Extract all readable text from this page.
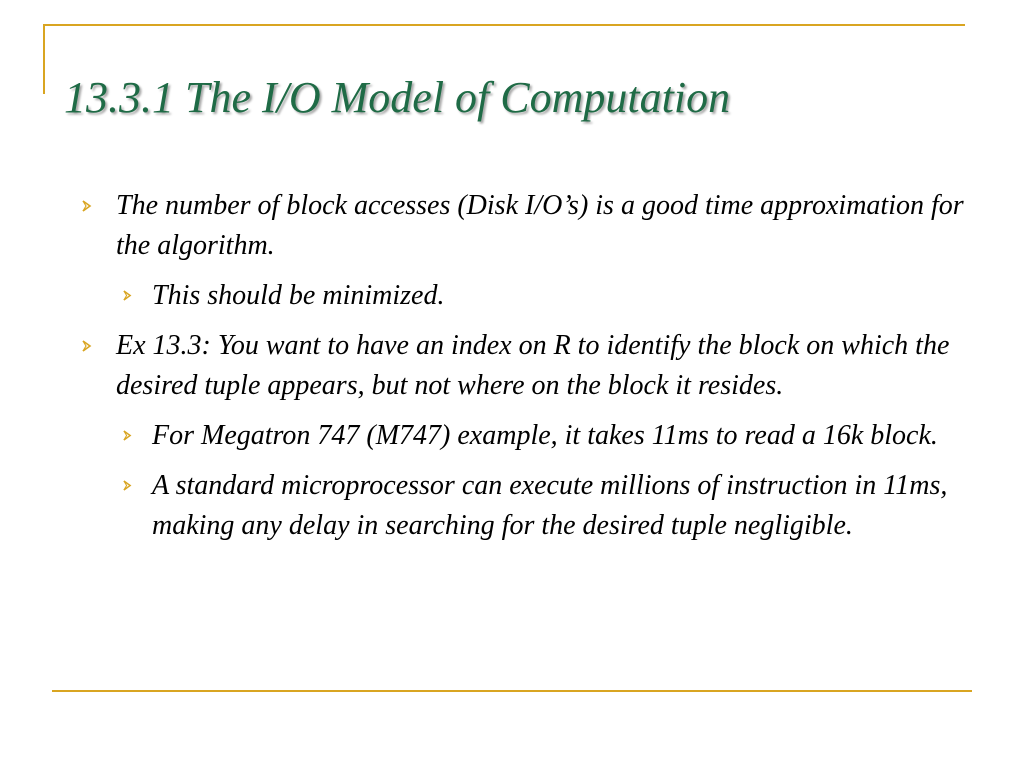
13.3.1 The I/O Model of Computation
The number of block accesses (Disk I/O’s) is a good time approximation for the algorithm.
This should be minimized.
Ex 13.3: You want to have an index on R to identify the block on which the desired tuple appears, but not where on the block it resides.
For Megatron 747 (M747) example, it takes 11ms to read a 16k block.
A standard microprocessor can execute millions of instruction in 11ms, making any delay in searching for the desired tuple negligible.
